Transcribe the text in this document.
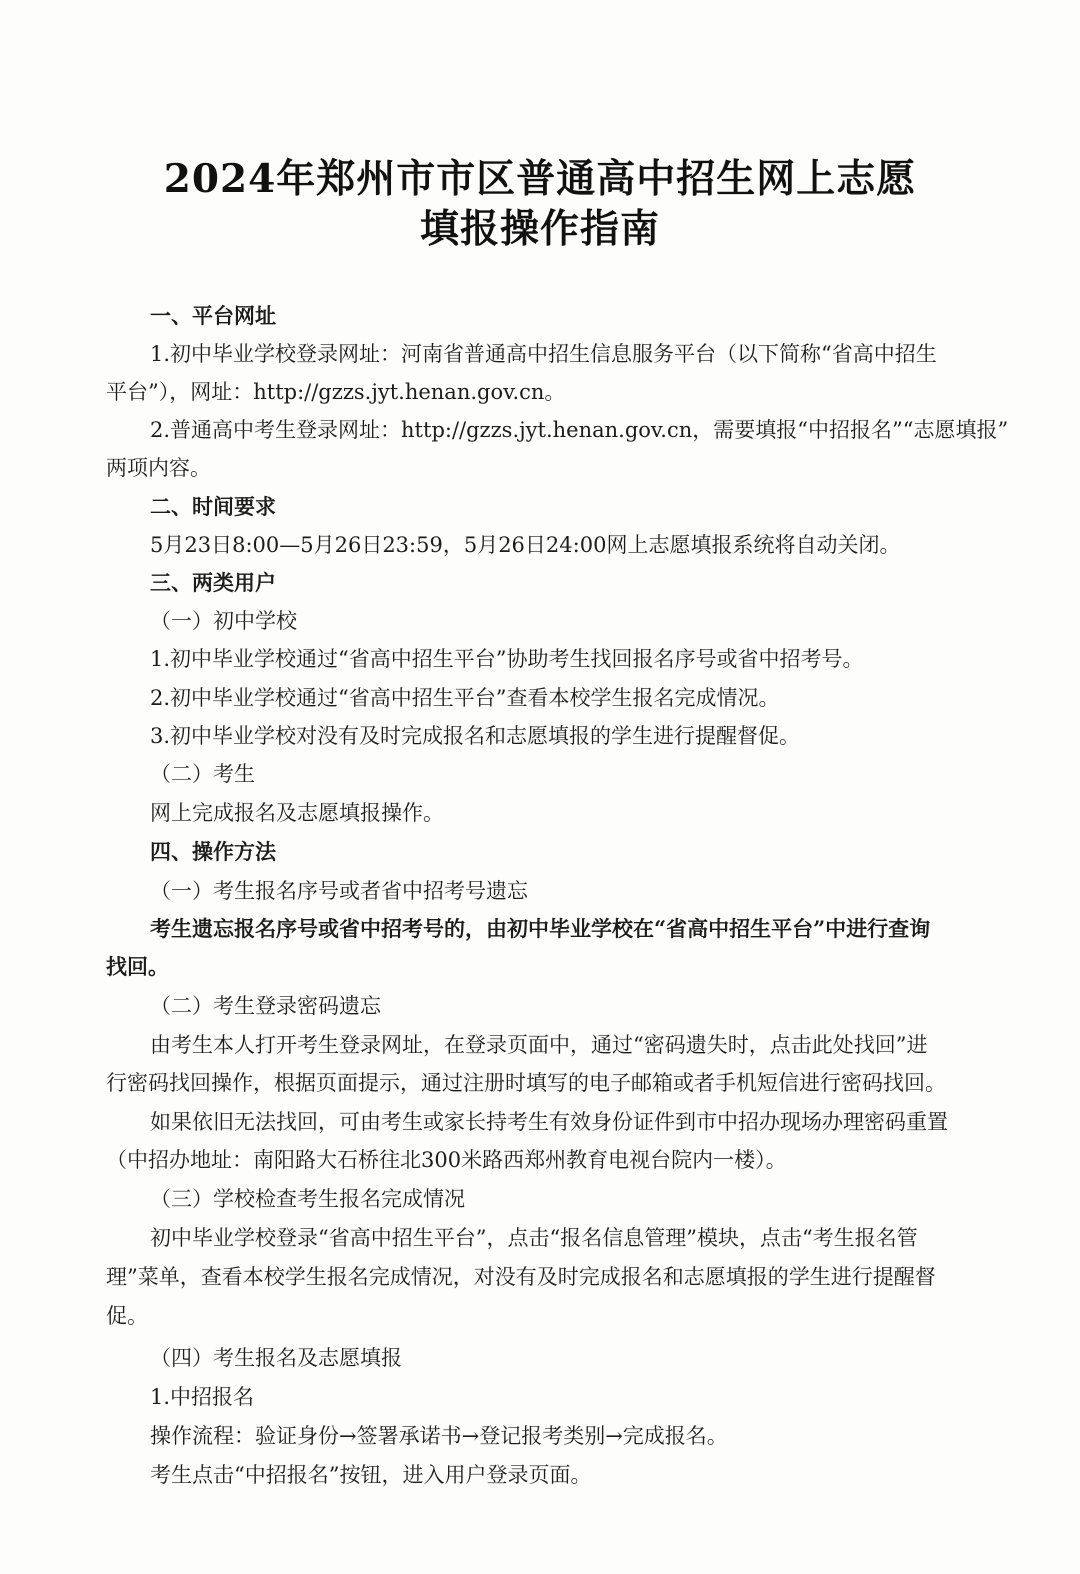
2024年郑州市市区普通高中招生网上志愿
填报操作指南
一、平台网址
1.初中毕业学校登录网址：河南省普通高中招生信息服务平台（以下简称“省高中招生
平台”），网址：http://gzzs.jyt.henan.gov.cn。
2.普通高中考生登录网址：http://gzzs.jyt.henan.gov.cn，需要填报“中招报名”“志愿填报”
两项内容。
二、时间要求
5月23日8:00—5月26日23:59，5月26日24:00网上志愿填报系统将自动关闭。
三、两类用户
（一）初中学校
1.初中毕业学校通过“省高中招生平台”协助考生找回报名序号或省中招考号。
2.初中毕业学校通过“省高中招生平台”查看本校学生报名完成情况。
3.初中毕业学校对没有及时完成报名和志愿填报的学生进行提醒督促。
（二）考生
网上完成报名及志愿填报操作。
四、操作方法
（一）考生报名序号或者省中招考号遗忘
考生遗忘报名序号或省中招考号的，由初中毕业学校在“省高中招生平台”中进行查询
找回。
（二）考生登录密码遗忘
由考生本人打开考生登录网址，在登录页面中，通过“密码遗失时，点击此处找回”进
行密码找回操作，根据页面提示，通过注册时填写的电子邮箱或者手机短信进行密码找回。
如果依旧无法找回，可由考生或家长持考生有效身份证件到市中招办现场办理密码重置
（中招办地址：南阳路大石桥往北300米路西郑州教育电视台院内一楼）。
（三）学校检查考生报名完成情况
初中毕业学校登录“省高中招生平台”，点击“报名信息管理”模块，点击“考生报名管
理”菜单，查看本校学生报名完成情况，对没有及时完成报名和志愿填报的学生进行提醒督
促。
（四）考生报名及志愿填报
1.中招报名
操作流程：验证身份→签署承诺书→登记报考类别→完成报名。
考生点击“中招报名”按钮，进入用户登录页面。
